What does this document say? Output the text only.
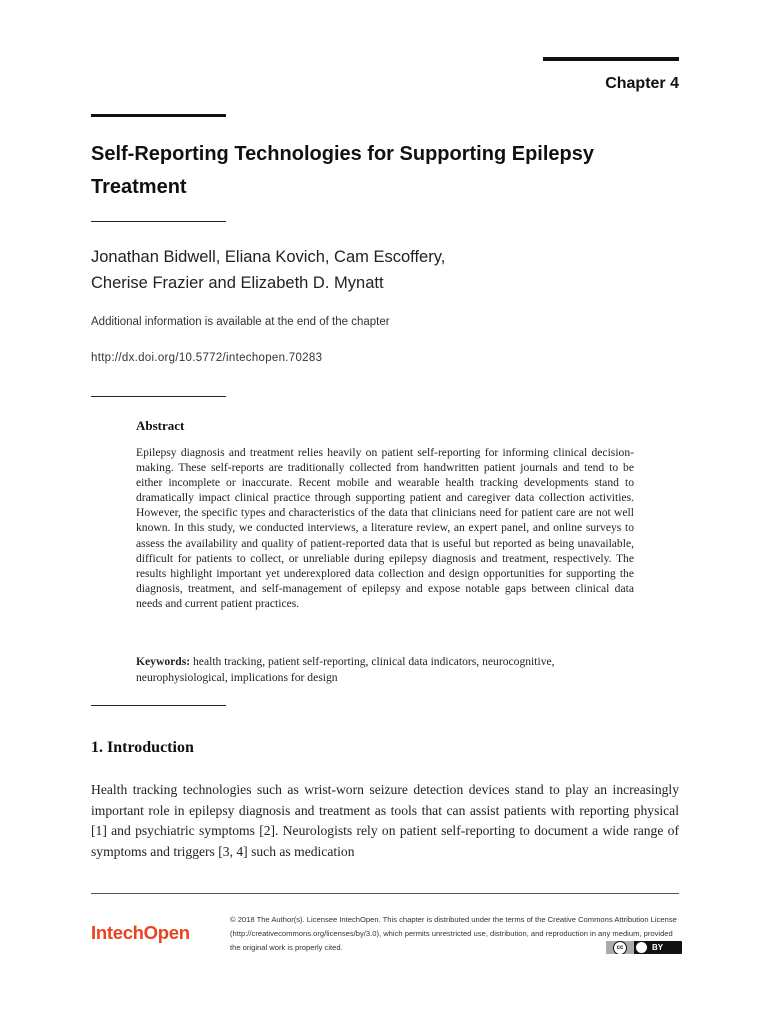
Chapter 4
Self-Reporting Technologies for Supporting Epilepsy
Treatment
Jonathan Bidwell, Eliana Kovich, Cam Escoffery,
Cherise Frazier and Elizabeth D. Mynatt
Additional information is available at the end of the chapter
http://dx.doi.org/10.5772/intechopen.70283
Abstract
Epilepsy diagnosis and treatment relies heavily on patient self-reporting for informing clinical decision-making. These self-reports are traditionally collected from handwritten patient journals and tend to be either incomplete or inaccurate. Recent mobile and wearable health tracking developments stand to dramatically impact clinical practice through supporting patient and caregiver data collection activities. However, the specific types and characteristics of the data that clinicians need for patient care are not well known. In this study, we conducted interviews, a literature review, an expert panel, and online surveys to assess the availability and quality of patient-reported data that is useful but reported as being unavailable, difficult for patients to collect, or unreliable during epilepsy diagnosis and treatment, respectively. The results highlight important yet underexplored data collection and design opportunities for supporting the diagnosis, treatment, and self-management of epilepsy and expose notable gaps between clinical data needs and current patient practices.
Keywords: health tracking, patient self-reporting, clinical data indicators, neurocognitive, neurophysiological, implications for design
1. Introduction
Health tracking technologies such as wrist-worn seizure detection devices stand to play an increasingly important role in epilepsy diagnosis and treatment as tools that can assist patients with reporting physical [1] and psychiatric symptoms [2]. Neurologists rely on patient self-reporting to document a wide range of symptoms and triggers [3, 4] such as medication
IntechOpen
© 2018 The Author(s). Licensee IntechOpen. This chapter is distributed under the terms of the Creative Commons Attribution License (http://creativecommons.org/licenses/by/3.0), which permits unrestricted use, distribution, and reproduction in any medium, provided the original work is properly cited.	cc	BY
